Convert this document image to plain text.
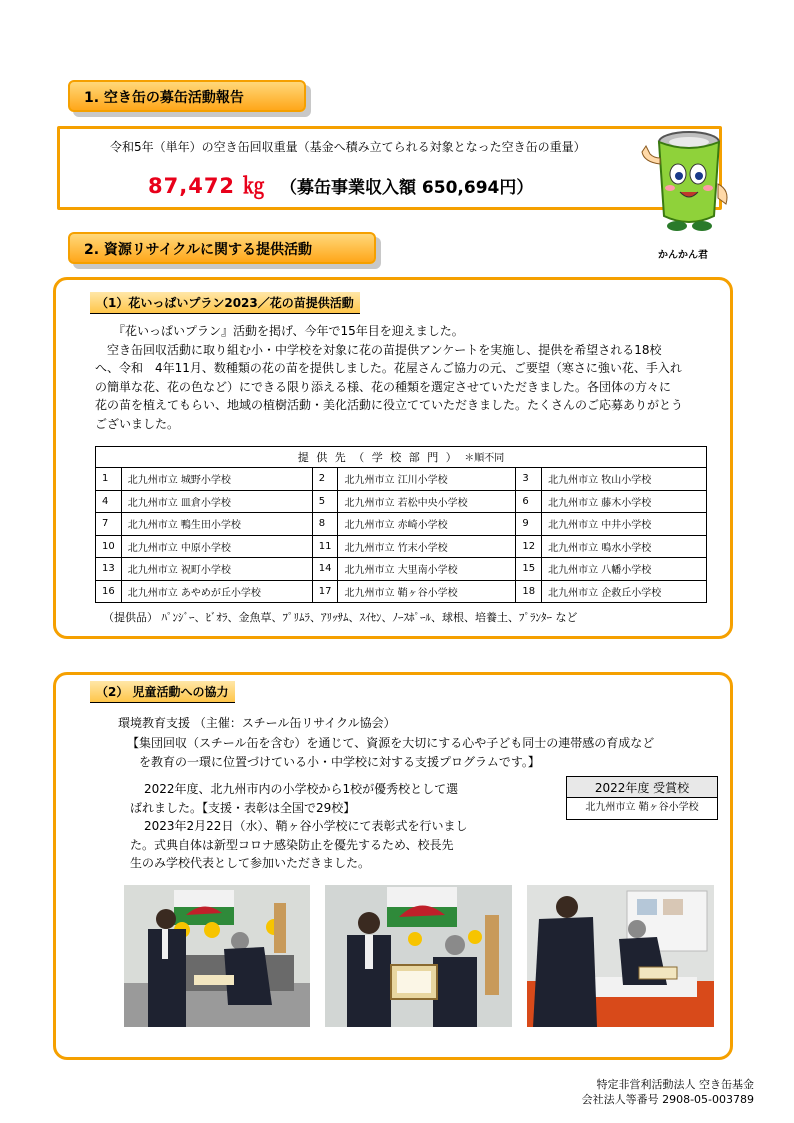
1. 空き缶の募缶活動報告
令和5年（単年）の空き缶回収重量（基金へ積み立てられる対象となった空き缶の重量）
87,472 ㎏ （募缶事業収入額 650,694円）
かんかん君
2. 資源リサイクルに関する提供活動
（1）花いっぱいプラン2023／花の苗提供活動
『花いっぱいプラン』活動を掲げ、今年で15年目を迎えました。
空き缶回収活動に取り組む小・中学校を対象に花の苗提供アンケートを実施し、提供を希望される18校
へ、令和　4年11月、数種類の花の苗を提供しました。花屋さんご協力の元、ご要望（寒さに強い花、手入れ
の簡単な花、花の色など）にできる限り添える様、花の種類を選定させていただきました。各団体の方々に
花の苗を植えてもらい、地域の植樹活動・美化活動に役立てていただきました。たくさんのご応募ありがとう
ございました。
提 供 先 （ 学 校 部 門 ） ＊順不同					
1	北九州市立 城野小学校	2	北九州市立 江川小学校	3	北九州市立 牧山小学校
4	北九州市立 皿倉小学校	5	北九州市立 若松中央小学校	6	北九州市立 藤木小学校
7	北九州市立 鴨生田小学校	8	北九州市立 赤崎小学校	9	北九州市立 中井小学校
10	北九州市立 中原小学校	11	北九州市立 竹末小学校	12	北九州市立 鳴水小学校
13	北九州市立 祝町小学校	14	北九州市立 大里南小学校	15	北九州市立 八幡小学校
16	北九州市立 あやめが丘小学校	17	北九州市立 鞘ヶ谷小学校	18	北九州市立 企救丘小学校
（提供品） ﾊﾟﾝｼﾞｰ、ﾋﾞｵﾗ、金魚草、ﾌﾟﾘﾑﾗ、ｱﾘｯｻﾑ、ｽｲｾﾝ、ﾉｰｽﾎﾟｰﾙ、球根、培養土、ﾌﾟﾗﾝﾀｰ など
（2） 児童活動への協力
環境教育支援 （主催：スチール缶リサイクル協会）
【集団回収（スチール缶を含む）を通じて、資源を大切にする心や子ども同士の連帯感の育成など
を教育の一環に位置づけている小・中学校に対する支援プログラムです。】
2022年度、北九州市内の小学校から1校が優秀校として選
ばれました。【支援・表彰は全国で29校】
2023年2月22日（水）、鞘ヶ谷小学校にて表彰式を行いまし
た。式典自体は新型コロナ感染防止を優先するため、校長先
生のみ学校代表として参加いただきました。
2022年度 受賞校
北九州市立 鞘ヶ谷小学校
特定非営利活動法人 空き缶基金
会社法人等番号 2908-05-003789
